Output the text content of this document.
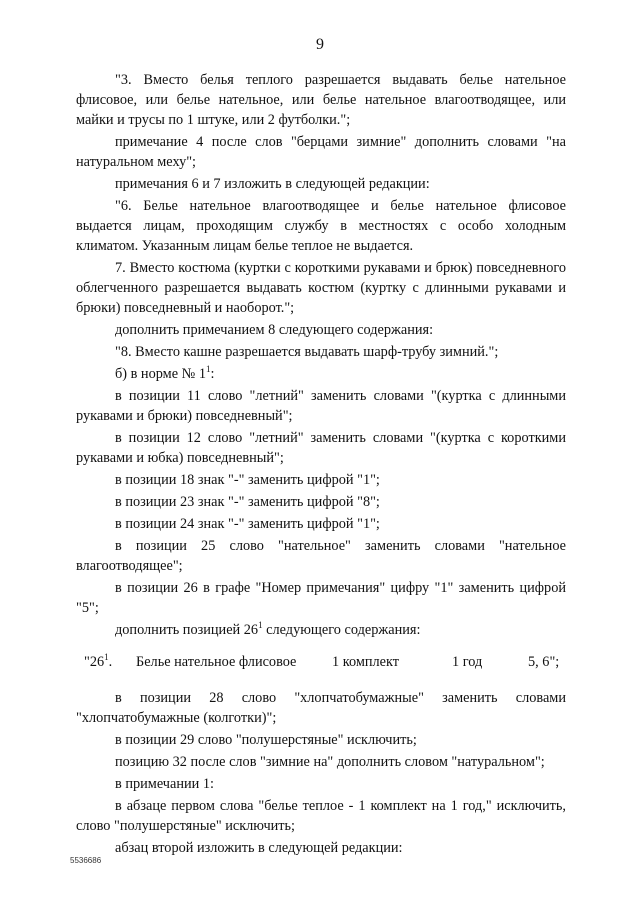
9

"3. Вместо белья теплого разрешается выдавать белье нательное флисовое, или белье нательное, или белье нательное влагоотводящее, или майки и трусы по 1 штуке, или 2 футболки.";

примечание 4 после слов "берцами зимние" дополнить словами "на натуральном меху";

примечания 6 и 7 изложить в следующей редакции:

"6. Белье нательное влагоотводящее и белье нательное флисовое выдается лицам, проходящим службу в местностях с особо холодным климатом. Указанным лицам белье теплое не выдается.

7. Вместо костюма (куртки с короткими рукавами и брюк) повседневного облегченного разрешается выдавать костюм (куртку с длинными рукавами и брюки) повседневный и наоборот.";

дополнить примечанием 8 следующего содержания:

"8. Вместо кашне разрешается выдавать шарф-трубу зимний.";

б) в норме № $1^1$:

в позиции 11 слово "летний" заменить словами "(куртка с длинными рукавами и брюки) повседневный";

в позиции 12 слово "летний" заменить словами "(куртка с короткими рукавами и юбка) повседневный";

в позиции 18 знак "-" заменить цифрой "1";

в позиции 23 знак "-" заменить цифрой "8";

в позиции 24 знак "-" заменить цифрой "1";

в позиции 25 слово "нательное" заменить словами "нательное влагоотводящее";

в позиции 26 в графе "Номер примечания" цифру "1" заменить цифрой "5";

дополнить позицией $26^1$ следующего содержания:

"$26^1$. Белье нательное флисовое 1 комплект	1 год	5, 6";

в позиции 28 слово "хлопчатобумажные" заменить словами "хлопчатобумажные (колготки)";

в позиции 29 слово "полушерстяные" исключить;

позицию 32 после слов "зимние на" дополнить словом "натуральном";

в примечании 1:

в абзаце первом слова "белье теплое - 1 комплект на 1 год," исключить, слово "полушерстяные" исключить;

абзац второй изложить в следующей редакции:

5536686
